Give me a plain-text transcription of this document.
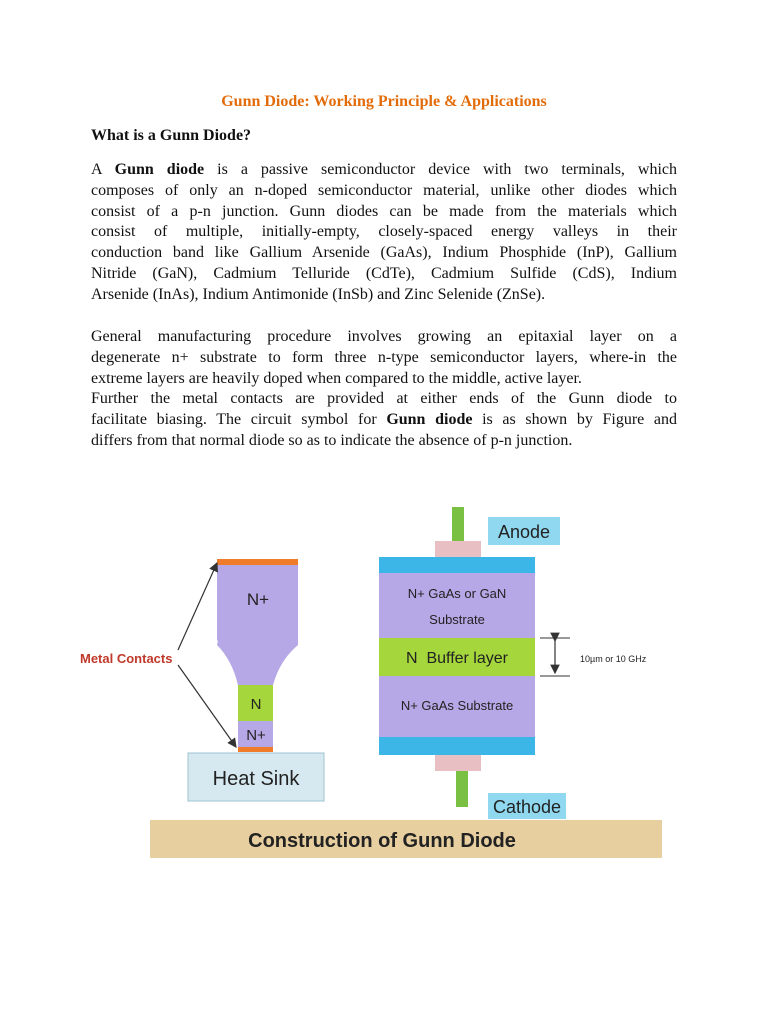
Gunn Diode: Working Principle & Applications
What is a Gunn Diode?
A Gunn diode is a passive semiconductor device with two terminals, which
composes of only an n-doped semiconductor material, unlike other diodes which
consist of a p-n junction. Gunn diodes can be made from the materials which
consist of multiple, initially-empty, closely-spaced energy valleys in their
conduction band like Gallium Arsenide (GaAs), Indium Phosphide (InP), Gallium
Nitride (GaN), Cadmium Telluride (CdTe), Cadmium Sulfide (CdS), Indium
Arsenide (InAs), Indium Antimonide (InSb) and Zinc Selenide (ZnSe).
General manufacturing procedure involves growing an epitaxial layer on a
degenerate n+ substrate to form three n-type semiconductor layers, where-in the
extreme layers are heavily doped when compared to the middle, active layer.
Further the metal contacts are provided at either ends of the Gunn diode to
facilitate biasing. The circuit symbol for Gunn diode is as shown by Figure and
differs from that normal diode so as to indicate the absence of p-n junction.
Construction of Gunn Diode
Heat Sink
N+
N
N+
Metal Contacts
Anode
N+ GaAs or GaN
Substrate
N  Buffer layer
N+ GaAs Substrate
Cathode
10µm or 10 GHz
